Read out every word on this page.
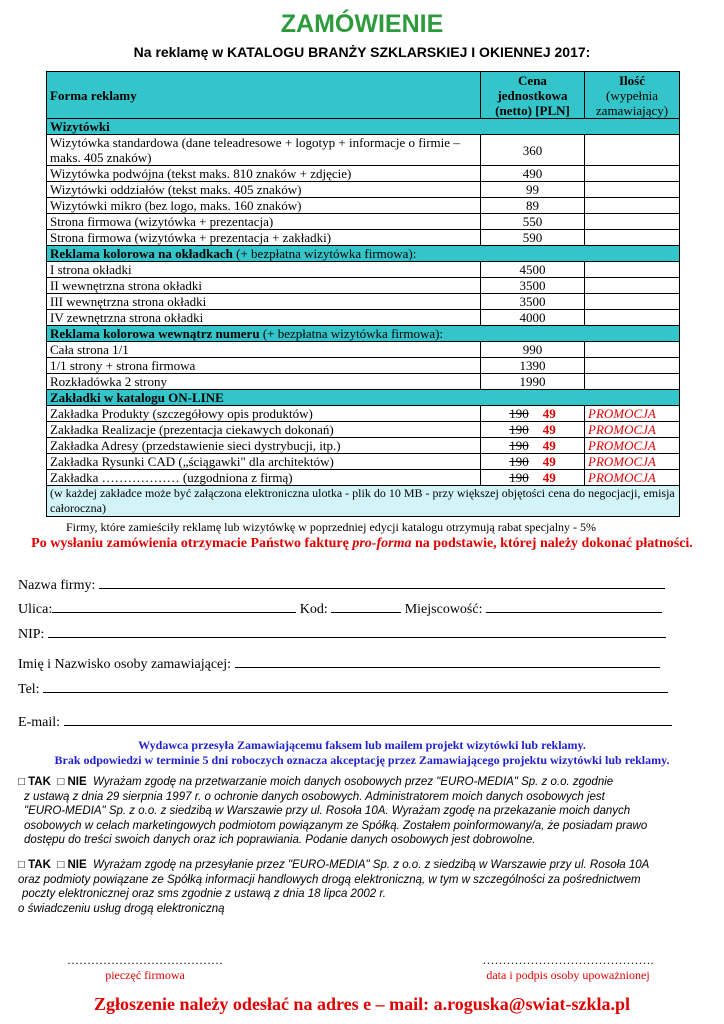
ZAMÓWIENIE
Na reklamę w KATALOGU BRANŻY SZKLARSKIEJ I OKIENNEJ 2017:
Forma reklamy	Cena jednostkowa (netto) [PLN]	Ilość
(wypełnia zamawiający)
Wizytówki		
Wizytówka standardowa (dane teleadresowe + logotyp + informacje o firmie – maks. 405 znaków)	360	
Wizytówka podwójna (tekst maks. 810 znaków + zdjęcie)	490	
Wizytówki oddziałów (tekst maks. 405 znaków)	99	
Wizytówki mikro (bez logo, maks. 160 znaków)	89	
Strona firmowa (wizytówka + prezentacja)	550	
Strona firmowa (wizytówka + prezentacja + zakładki)	590	
Reklama kolorowa na okładkach (+ bezpłatna wizytówka firmowa):		
I strona okładki	4500	
II wewnętrzna strona okładki	3500	
III wewnętrzna strona okładki	3500	
IV zewnętrzna strona okładki	4000	
Reklama kolorowa wewnątrz numeru (+ bezpłatna wizytówka firmowa):		
Cała strona 1/1	990	
1/1 strony + strona firmowa	1390	
Rozkładówka 2 strony	1990	
Zakładki w katalogu ON-LINE		
Zakładka Produkty (szczegółowy opis produktów)	190 49	PROMOCJA
Zakładka Realizacje (prezentacja ciekawych dokonań)	190 49	PROMOCJA
Zakładka Adresy (przedstawienie sieci dystrybucji, itp.)	190 49	PROMOCJA
Zakładka Rysunki CAD („ściągawki" dla architektów)	190 49	PROMOCJA
Zakładka ……………… (uzgodniona z firmą)	190 49	PROMOCJA
(w każdej zakładce może być załączona elektroniczna ulotka - plik do 10 MB - przy większej objętości cena do negocjacji, emisja całoroczna)		
Firmy, które zamieściły reklamę lub wizytówkę w poprzedniej edycji katalogu otrzymują rabat specjalny - 5%
Po wysłaniu zamówienia otrzymacie Państwo fakturę pro-forma na podstawie, której należy dokonać płatności.
Nazwa firmy:
Ulica:	Kod:	Miejscowość:
NIP:
Imię i Nazwisko osoby zamawiającej:
Tel:
E-mail:
Wydawca przesyła Zamawiającemu faksem lub mailem projekt wizytówki lub reklamy.
Brak odpowiedzi w terminie 5 dni roboczych oznacza akceptację przez Zamawiającego projektu wizytówki lub reklamy.
□ TAK □ NIE Wyrażam zgodę na przetwarzanie moich danych osobowych przez "EURO-MEDIA" Sp. z o.o. zgodnie
z ustawą z dnia 29 sierpnia 1997 r. o ochronie danych osobowych. Administratorem moich danych osobowych jest
"EURO-MEDIA" Sp. z o.o. z siedzibą w Warszawie przy ul. Rosoła 10A. Wyrażam zgodę na przekazanie moich danych
osobowych w celach marketingowych podmiotom powiązanym ze Spółką. Zostałem poinformowany/a, że posiadam prawo
dostępu do treści swoich danych oraz ich poprawiania. Podanie danych osobowych jest dobrowolne.
□ TAK □ NIE Wyrażam zgodę na przesyłanie przez "EURO-MEDIA" Sp. z o.o. z siedzibą w Warszawie przy ul. Rosoła 10A
oraz podmioty powiązane ze Spółką informacji handlowych drogą elektroniczną, w tym w szczególności za pośrednictwem
poczty elektronicznej oraz sms zgodnie z ustawą z dnia 18 lipca 2002 r.
o świadczeniu usług drogą elektroniczną
…………………………………
pieczęć firmowa
…………………………………….
data i podpis osoby upoważnionej
Zgłoszenie należy odesłać na adres e – mail: a.roguska@swiat-szkla.pl
